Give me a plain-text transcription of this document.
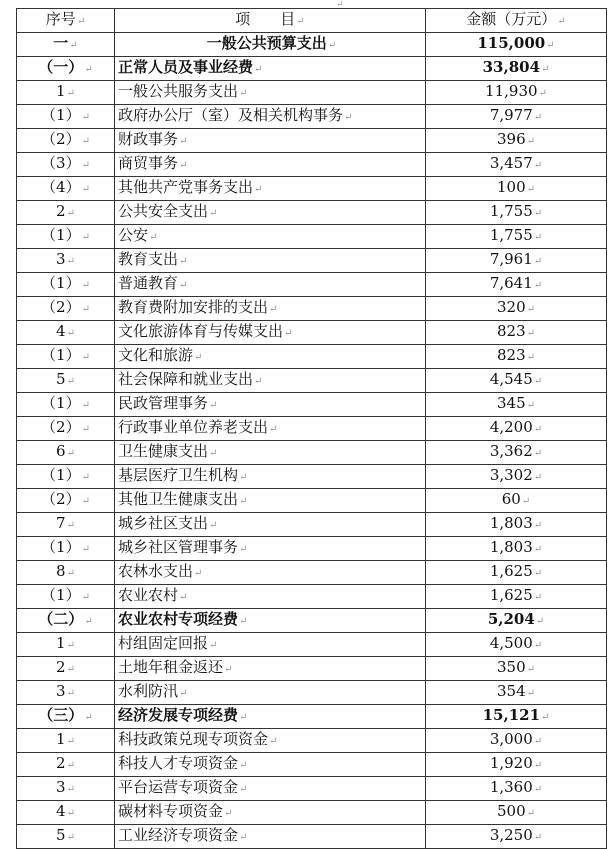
↵
序号↵	项　　目↵	金额（万元）↵
一↵	一般公共预算支出↵	115,000↵
（一）↵	正常人员及事业经费↵	33,804↵
1↵	一般公共服务支出↵	11,930↵
（1）↵	政府办公厅（室）及相关机构事务↵	7,977↵
（2）↵	财政事务↵	396↵
（3）↵	商贸事务↵	3,457↵
（4）↵	其他共产党事务支出↵	100↵
2↵	公共安全支出↵	1,755↵
（1）↵	公安↵	1,755↵
3↵	教育支出↵	7,961↵
（1）↵	普通教育↵	7,641↵
（2）↵	教育费附加安排的支出↵	320↵
4↵	文化旅游体育与传媒支出↵	823↵
（1）↵	文化和旅游↵	823↵
5↵	社会保障和就业支出↵	4,545↵
（1）↵	民政管理事务↵	345↵
（2）↵	行政事业单位养老支出↵	4,200↵
6↵	卫生健康支出↵	3,362↵
（1）↵	基层医疗卫生机构↵	3,302↵
（2）↵	其他卫生健康支出↵	60↵
7↵	城乡社区支出↵	1,803↵
（1）↵	城乡社区管理事务↵	1,803↵
8↵	农林水支出↵	1,625↵
（1）↵	农业农村↵	1,625↵
（二）↵	农业农村专项经费↵	5,204↵
1↵	村组固定回报↵	4,500↵
2↵	土地年租金返还↵	350↵
3↵	水利防汛↵	354↵
（三）↵	经济发展专项经费↵	15,121↵
1↵	科技政策兑现专项资金↵	3,000↵
2↵	科技人才专项资金↵	1,920↵
3↵	平台运营专项资金↵	1,360↵
4↵	碳材料专项资金↵	500↵
5↵	工业经济专项资金↵	3,250↵
